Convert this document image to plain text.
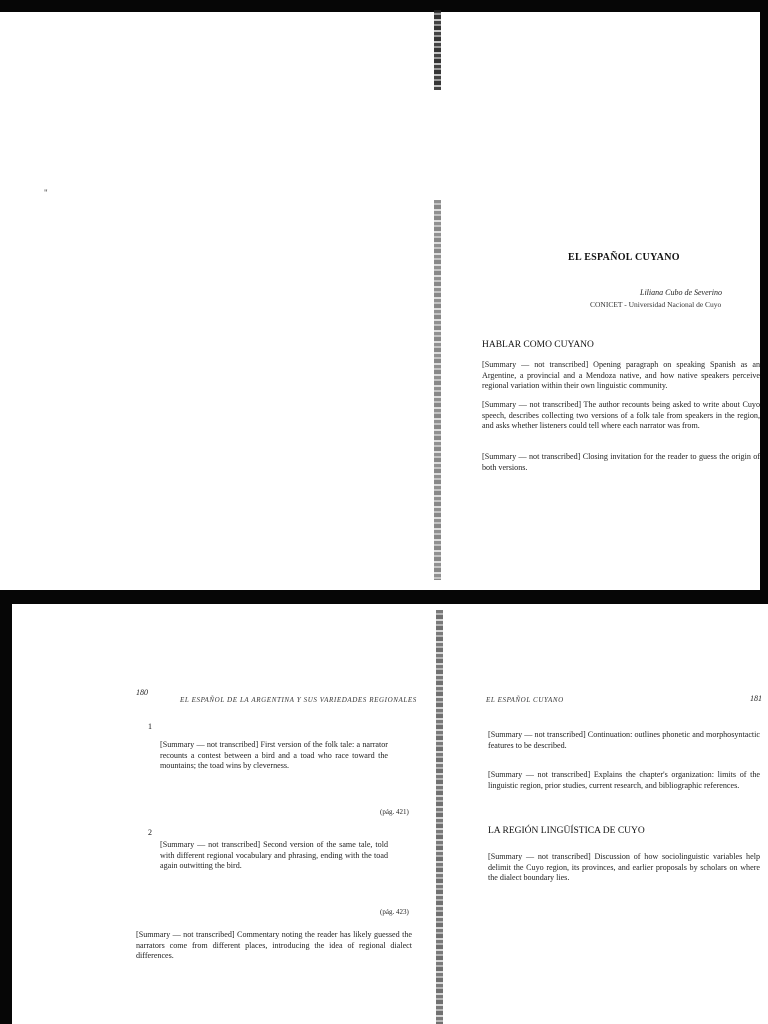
"
EL ESPAÑOL CUYANO
Liliana Cubo de Severino
CONICET - Universidad Nacional de Cuyo
HABLAR COMO CUYANO

[Summary — not transcribed] Opening paragraph on speaking Spanish as an Argentine, a provincial and a Mendoza native, and how native speakers perceive regional variation within their own linguistic community.

[Summary — not transcribed] The author recounts being asked to write about Cuyo speech, describes collecting two versions of a folk tale from speakers in the region, and asks whether listeners could tell where each narrator was from.

[Summary — not transcribed] Closing invitation for the reader to guess the origin of both versions.

180
EL ESPAÑOL DE LA ARGENTINA Y SUS VARIEDADES REGIONALES
1

[Summary — not transcribed] First version of the folk tale: a narrator recounts a contest between a bird and a toad who race toward the mountains; the toad wins by cleverness.

(pág. 421)
2

[Summary — not transcribed] Second version of the same tale, told with different regional vocabulary and phrasing, ending with the toad again outwitting the bird.

(pág. 423)

[Summary — not transcribed] Commentary noting the reader has likely guessed the narrators come from different places, introducing the idea of regional dialect differences.

EL ESPAÑOL CUYANO	181

[Summary — not transcribed] Continuation: outlines phonetic and morphosyntactic features to be described.

[Summary — not transcribed] Explains the chapter's organization: limits of the linguistic region, prior studies, current research, and bibliographic references.

LA REGIÓN LINGÜÍSTICA DE CUYO

[Summary — not transcribed] Discussion of how sociolinguistic variables help delimit the Cuyo region, its provinces, and earlier proposals by scholars on where the dialect boundary lies.
